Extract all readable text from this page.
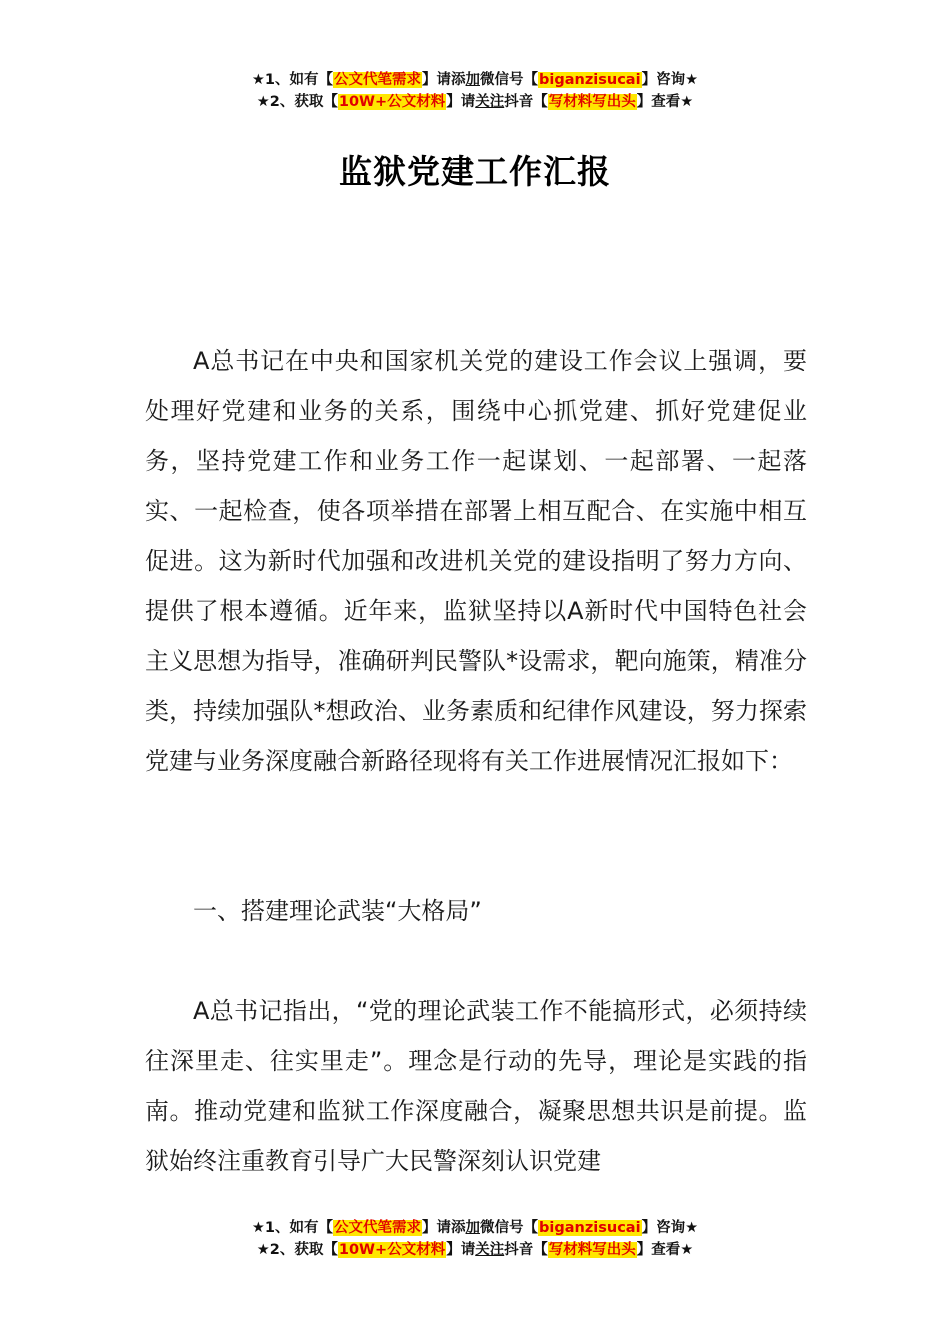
★1、如有【公文代笔需求】请添加微信号【biganzisucai】咨询★
★2、获取【10W+公文材料】请关注抖音【写材料写出头】查看★
监狱党建工作汇报

A总书记在中央和国家机关党的建设工作会议上强调，要处理好党建和业务的关系，围绕中心抓党建、抓好党建促业务，坚持党建工作和业务工作一起谋划、一起部署、一起落实、一起检查，使各项举措在部署上相互配合、在实施中相互促进。这为新时代加强和改进机关党的建设指明了努力方向、提供了根本遵循。近年来，监狱坚持以A新时代中国特色社会主义思想为指导，准确研判民警队*设需求，靶向施策，精准分类，持续加强队*想政治、业务素质和纪律作风建设，努力探索党建与业务深度融合新路径现将有关工作进展情况汇报如下：

一、搭建理论武装“大格局”

A总书记指出，“党的理论武装工作不能搞形式，必须持续往深里走、往实里走”。理念是行动的先导，理论是实践的指南。推动党建和监狱工作深度融合，凝聚思想共识是前提。监狱始终注重教育引导广大民警深刻认识党建

★1、如有【公文代笔需求】请添加微信号【biganzisucai】咨询★
★2、获取【10W+公文材料】请关注抖音【写材料写出头】查看★
